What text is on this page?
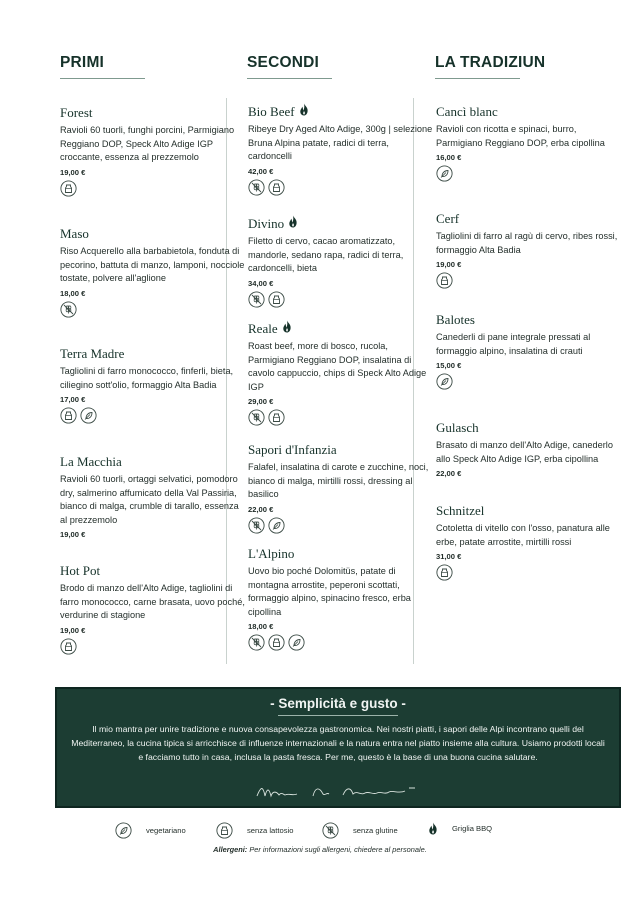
PRIMI	SECONDI	LA TRADIZIUN
Forest
Ravioli 60 tuorli, funghi porcini, Parmigiano Reggiano DOP, Speck Alto Adige IGP croccante, essenza al prezzemolo
19,00 €
Maso
Riso Acquerello alla barbabietola, fonduta di pecorino, battuta di manzo, lamponi, nocciole tostate, polvere all'aglione
18,00 €
Terra Madre
Tagliolini di farro monococco, finferli, bieta, ciliegino sott'olio, formaggio Alta Badia
17,00 €
La Macchia
Ravioli 60 tuorli, ortaggi selvatici, pomodoro dry, salmerino affumicato della Val Passiria, bianco di malga, crumble di tarallo, essenza al prezzemolo
19,00 €
Hot Pot
Brodo di manzo dell'Alto Adige, tagliolini di farro monococco, carne brasata, uovo poché, verdurine di stagione
19,00 €
Bio Beef
Ribeye Dry Aged Alto Adige, 300g | selezione Bruna Alpina patate, radici di terra, cardoncelli
42,00 €
Divino
Filetto di cervo, cacao aromatizzato, mandorle, sedano rapa, radici di terra, cardoncelli, bieta
34,00 €
Reale
Roast beef, more di bosco, rucola, Parmigiano Reggiano DOP, insalatina di cavolo cappuccio, chips di Speck Alto Adige IGP
29,00 €
Sapori d'Infanzia
Falafel, insalatina di carote e zucchine, noci, bianco di malga, mirtilli rossi, dressing al basilico
22,00 €
L'Alpino
Uovo bio poché Dolomitüs, patate di montagna arrostite, peperoni scottati, formaggio alpino, spinacino fresco, erba cipollina
18,00 €
Cancì blanc
Ravioli con ricotta e spinaci, burro, Parmigiano Reggiano DOP, erba cipollina
16,00 €
Cerf
Tagliolini di farro al ragù di cervo, ribes rossi, formaggio Alta Badia
19,00 €
Balotes
Canederli di pane integrale pressati al formaggio alpino, insalatina di crauti
15,00 €
Gulasch
Brasato di manzo dell'Alto Adige, canederlo allo Speck Alto Adige IGP, erba cipollina
22,00 €
Schnitzel
Cotoletta di vitello con l'osso, panatura alle erbe, patate arrostite, mirtilli rossi
31,00 €
- Semplicità e gusto -
Il mio mantra per unire tradizione e nuova consapevolezza gastronomica. Nei nostri piatti, i sapori delle Alpi incontrano quelli del Mediterraneo, la cucina tipica si arricchisce di influenze internazionali e la natura entra nel piatto insieme alla cultura. Usiamo prodotti locali e facciamo tutto in casa, inclusa la pasta fresca. Per me, questo è la base di una buona cucina salutare.
vegetariano	senza lattosio	senza glutine	Griglia BBQ
Allergeni: Per informazioni sugli allergeni, chiedere al personale.
